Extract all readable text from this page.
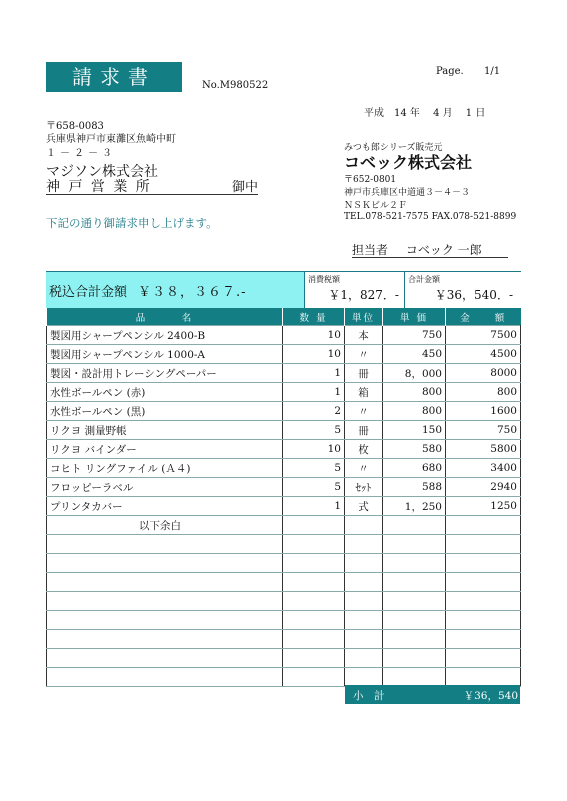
請求書	No.M980522
Page. 1/1
平成　14 年　 4 月　 1 日
〒658-0083
兵庫県神戸市東灘区魚崎中町
１－２－３
マジソン株式会社
神 戸 営 業 所	御中
下記の通り御請求申し上げます。
みつも郎シリーズ販売元
コベック株式会社
〒652-0801
神戸市兵庫区中道通３－４－３
ＮＳＫビル２Ｆ
TEL.078-521-7575 FAX.078-521-8899
担当者 コベック 一郎
税込合計金額 ￥３８，３６７.-
消費税額
￥1，827．-
合計金額
￥36，540．-
品　　　名	数 量	単位	単 価	金　　額
製図用シャープペンシル 2400-B	10	本	750	7500
製図用シャープペンシル 1000-A	10	〃	450	4500
製図・設計用トレーシングペーパー	1	冊	8，000	8000
水性ボールペン (赤)	1	箱	800	800
水性ボールペン (黒)	2	〃	800	1600
リクヨ 測量野帳	5	冊	150	750
リクヨ バインダー	10	枚	580	5800
コヒト リングファイル (Ａ４)	5	〃	680	3400
フロッピーラベル	5	ｾｯﾄ	588	2940
プリンタカバー	1	式	1，250	1250
以下余白				

小　計	￥36，540
